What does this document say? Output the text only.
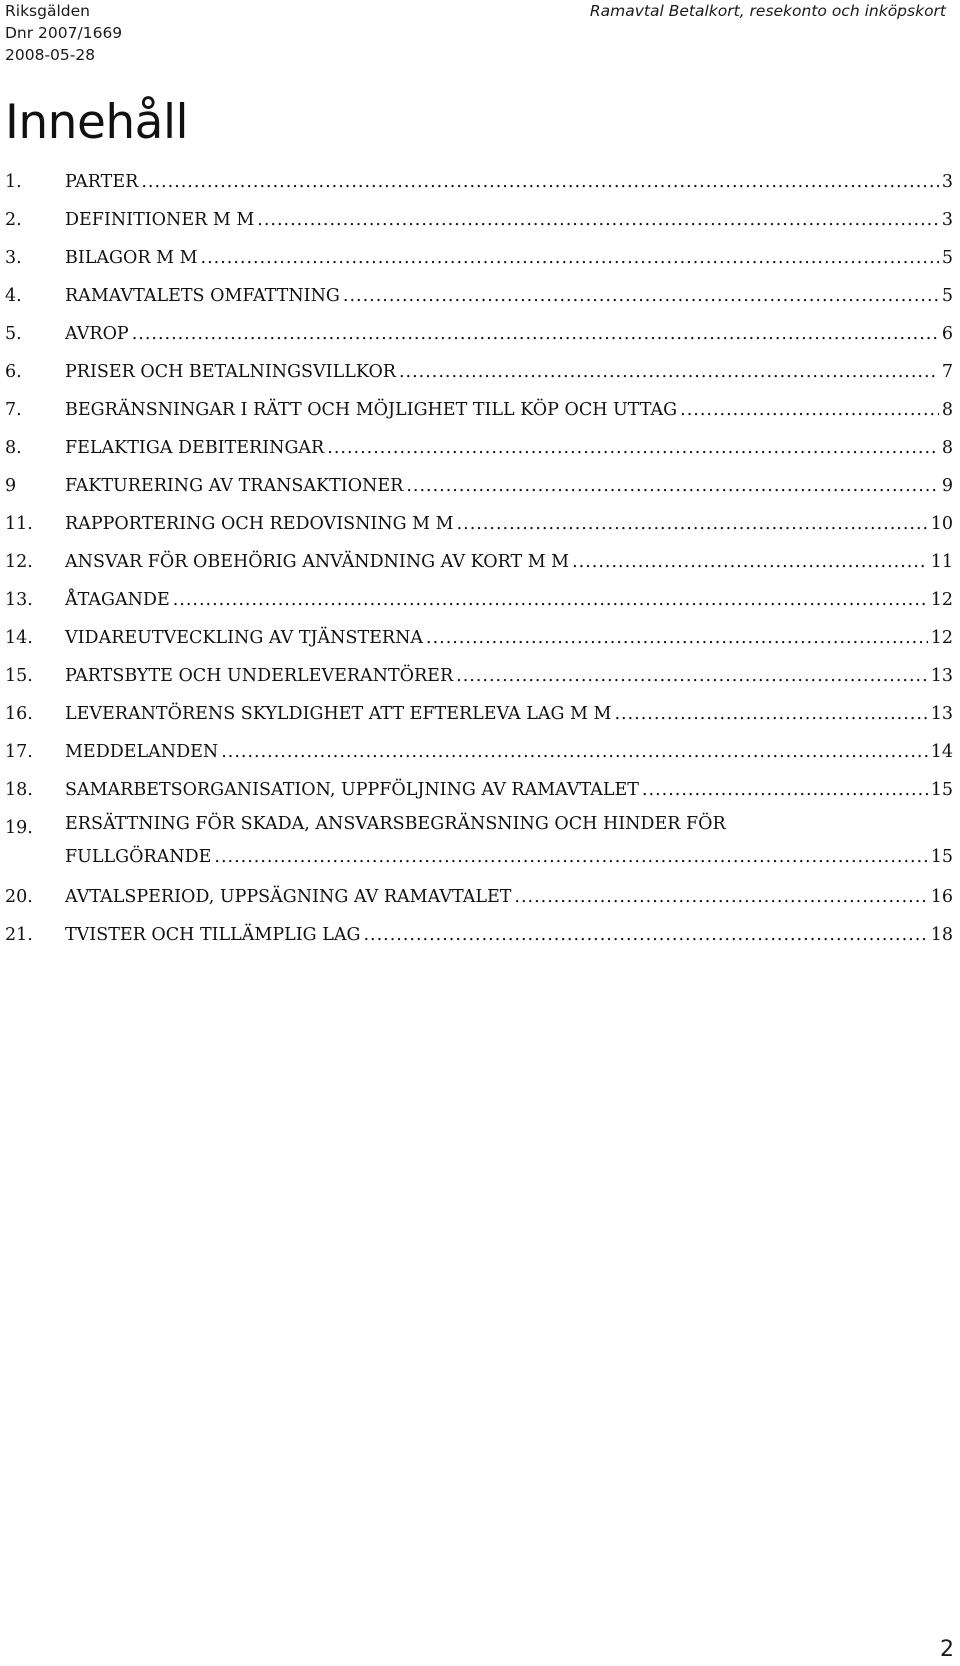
Riksgälden
Dnr 2007/1669
2008-05-28
Ramavtal Betalkort, resekonto och inköpskort
Innehåll
1.	PARTER .....	3
2.	DEFINITIONER M M .....	3
3.	BILAGOR M M .....	5
4.	RAMAVTALETS OMFATTNING .....	5
5.	AVROP .....	6
6.	PRISER OCH BETALNINGSVILLKOR .....	7
7.	BEGRÄNSNINGAR I RÄTT OCH MÖJLIGHET TILL KÖP OCH UTTAG .....	8
8.	FELAKTIGA DEBITERINGAR .....	8
9	FAKTURERING AV TRANSAKTIONER .....	9
11.	RAPPORTERING OCH REDOVISNING M M .....	10
12.	ANSVAR FÖR OBEHÖRIG ANVÄNDNING AV KORT M M .....	11
13.	ÅTAGANDE .....	12
14.	VIDAREUTVECKLING AV TJÄNSTERNA .....	12
15.	PARTSBYTE OCH UNDERLEVERANTÖRER .....	13
16.	LEVERANTÖRENS SKYLDIGHET ATT EFTERLEVA LAG M M .....	13
17.	MEDDELANDEN .....	14
18.	SAMARBETSORGANISATION, UPPFÖLJNING AV RAMAVTALET .....	15
19.	ERSÄTTNING FÖR SKADA, ANSVARSBEGRÄNSNING OCH HINDER FÖR
FULLGÖRANDE .....	15
20.	AVTALSPERIOD, UPPSÄGNING AV RAMAVTALET .....	16
21.	TVISTER OCH TILLÄMPLIG LAG .....	18
2
